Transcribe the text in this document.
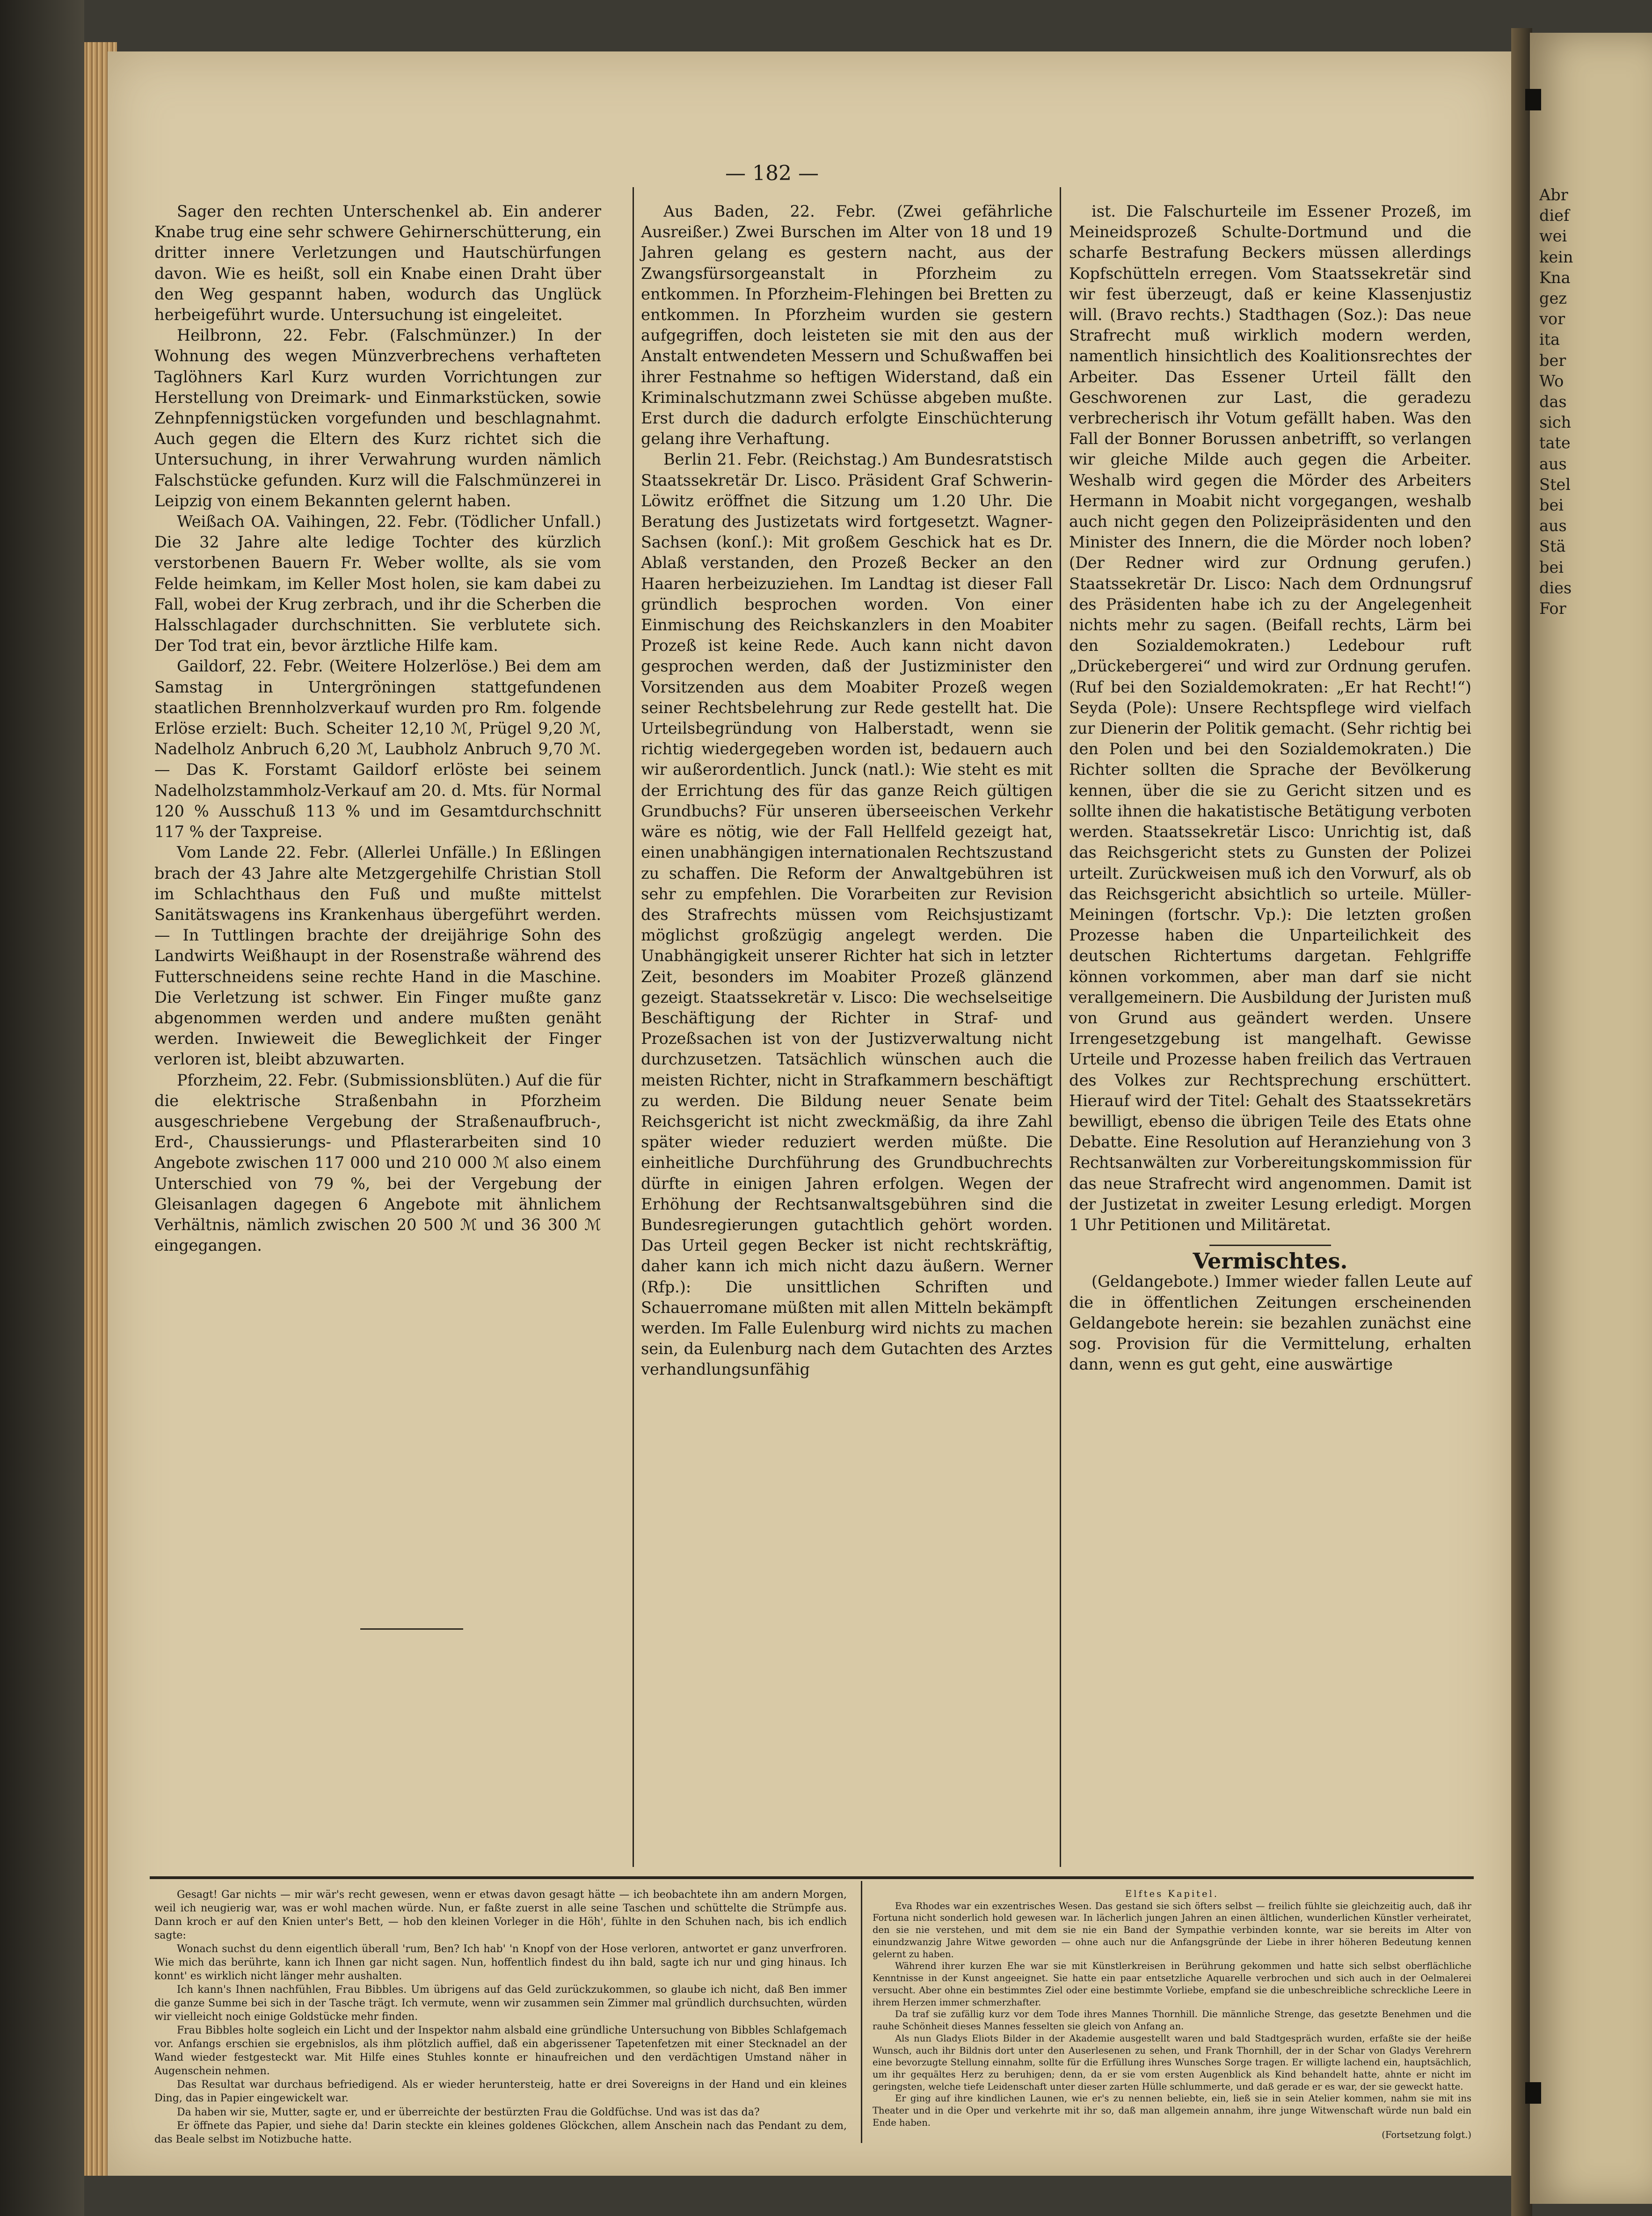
Abr
dief
wei
kein
Kna
gez
vor
ita
ber
Wo
das
sich
tate
aus
Stel
bei
aus
Stä
bei
dies
For
— 182 —

Sager den rechten Unterschenkel ab. Ein anderer Knabe trug eine sehr schwere Gehirnerschütterung, ein dritter innere Verletzungen und Hautschürfungen davon. Wie es heißt, soll ein Knabe einen Draht über den Weg gespannt haben, wodurch das Unglück herbeigeführt wurde. Untersuchung ist eingeleitet.

Heilbronn, 22. Febr. (Falschmünzer.) In der Wohnung des wegen Münzverbrechens verhafteten Taglöhners Karl Kurz wurden Vorrichtungen zur Herstellung von Dreimark- und Einmarkstücken, sowie Zehnpfennigstücken vorgefunden und beschlagnahmt. Auch gegen die Eltern des Kurz richtet sich die Untersuchung, in ihrer Verwahrung wurden nämlich Falschstücke gefunden. Kurz will die Falschmünzerei in Leipzig von einem Bekannten gelernt haben.

Weißach OA. Vaihingen, 22. Febr. (Tödlicher Unfall.) Die 32 Jahre alte ledige Tochter des kürzlich verstorbenen Bauern Fr. Weber wollte, als sie vom Felde heimkam, im Keller Most holen, sie kam dabei zu Fall, wobei der Krug zerbrach, und ihr die Scherben die Halsschlagader durchschnitten. Sie verblutete sich. Der Tod trat ein, bevor ärztliche Hilfe kam.

Gaildorf, 22. Febr. (Weitere Holzerlöse.) Bei dem am Samstag in Untergröningen stattgefundenen staatlichen Brennholzverkauf wurden pro Rm. folgende Erlöse erzielt: Buch. Scheiter 12,10 ℳ, Prügel 9,20 ℳ, Nadelholz Anbruch 6,20 ℳ, Laubholz Anbruch 9,70 ℳ. — Das K. Forstamt Gaildorf erlöste bei seinem Nadelholzstammholz-Verkauf am 20. d. Mts. für Normal 120 % Ausschuß 113 % und im Gesamtdurchschnitt 117 % der Taxpreise.

Vom Lande 22. Febr. (Allerlei Unfälle.) In Eßlingen brach der 43 Jahre alte Metzgergehilfe Christian Stoll im Schlachthaus den Fuß und mußte mittelst Sanitätswagens ins Krankenhaus übergeführt werden. — In Tuttlingen brachte der dreijährige Sohn des Landwirts Weißhaupt in der Rosenstraße während des Futterschneidens seine rechte Hand in die Maschine. Die Verletzung ist schwer. Ein Finger mußte ganz abgenommen werden und andere mußten genäht werden. Inwieweit die Beweglichkeit der Finger verloren ist, bleibt abzuwarten.

Pforzheim, 22. Febr. (Submissionsblüten.) Auf die für die elektrische Straßenbahn in Pforzheim ausgeschriebene Vergebung der Straßenaufbruch-, Erd-, Chaussierungs- und Pflasterarbeiten sind 10 Angebote zwischen 117 000 und 210 000 ℳ also einem Unterschied von 79 %, bei der Vergebung der Gleisanlagen dagegen 6 Angebote mit ähnlichem Verhältnis, nämlich zwischen 20 500 ℳ und 36 300 ℳ eingegangen.

Aus Baden, 22. Febr. (Zwei gefährliche Ausreißer.) Zwei Burschen im Alter von 18 und 19 Jahren gelang es gestern nacht, aus der Zwangsfürsorgeanstalt in Pforzheim zu entkommen. In Pforzheim-Flehingen bei Bretten zu entkommen. In Pforzheim wurden sie gestern aufgegriffen, doch leisteten sie mit den aus der Anstalt entwendeten Messern und Schußwaffen bei ihrer Festnahme so heftigen Widerstand, daß ein Kriminalschutzmann zwei Schüsse abgeben mußte. Erst durch die dadurch erfolgte Einschüchterung gelang ihre Verhaftung.

Berlin 21. Febr. (Reichstag.) Am Bundesratstisch Staatssekretär Dr. Lisco. Präsident Graf Schwerin-Löwitz eröffnet die Sitzung um 1.20 Uhr. Die Beratung des Justizetats wird fortgesetzt. Wagner-Sachsen (konſ.): Mit großem Geschick hat es Dr. Ablaß verstanden, den Prozeß Becker an den Haaren herbeizuziehen. Im Landtag ist dieser Fall gründlich besprochen worden. Von einer Einmischung des Reichskanzlers in den Moabiter Prozeß ist keine Rede. Auch kann nicht davon gesprochen werden, daß der Justizminister den Vorsitzenden aus dem Moabiter Prozeß wegen seiner Rechtsbelehrung zur Rede gestellt hat. Die Urteilsbegründung von Halberstadt, wenn sie richtig wiedergegeben worden ist, bedauern auch wir außerordentlich. Junck (natl.): Wie steht es mit der Errichtung des für das ganze Reich gültigen Grundbuchs? Für unseren überseeischen Verkehr wäre es nötig, wie der Fall Hellfeld gezeigt hat, einen unabhängigen internationalen Rechtszustand zu schaffen. Die Reform der Anwaltgebühren ist sehr zu empfehlen. Die Vorarbeiten zur Revision des Strafrechts müssen vom Reichsjustizamt möglichst großzügig angelegt werden. Die Unabhängigkeit unserer Richter hat sich in letzter Zeit, besonders im Moabiter Prozeß glänzend gezeigt. Staatssekretär v. Lisco: Die wechselseitige Beschäftigung der Richter in Straf- und Prozeßsachen ist von der Justizverwaltung nicht durchzusetzen. Tatsächlich wünschen auch die meisten Richter, nicht in Strafkammern beschäftigt zu werden. Die Bildung neuer Senate beim Reichsgericht ist nicht zweckmäßig, da ihre Zahl später wieder reduziert werden müßte. Die einheitliche Durchführung des Grundbuchrechts dürfte in einigen Jahren erfolgen. Wegen der Erhöhung der Rechtsanwaltsgebühren sind die Bundesregierungen gutachtlich gehört worden. Das Urteil gegen Becker ist nicht rechtskräftig, daher kann ich mich nicht dazu äußern. Werner (Rfp.): Die unsittlichen Schriften und Schauerromane müßten mit allen Mitteln bekämpft werden. Im Falle Eulenburg wird nichts zu machen sein, da Eulenburg nach dem Gutachten des Arztes verhandlungsunfähig

ist. Die Falschurteile im Essener Prozeß, im Meineidsprozeß Schulte-Dortmund und die scharfe Bestrafung Beckers müssen allerdings Kopfschütteln erregen. Vom Staatssekretär sind wir fest überzeugt, daß er keine Klassenjustiz will. (Bravo rechts.) Stadthagen (Soz.): Das neue Strafrecht muß wirklich modern werden, namentlich hinsichtlich des Koalitionsrechtes der Arbeiter. Das Essener Urteil fällt den Geschworenen zur Last, die geradezu verbrecherisch ihr Votum gefällt haben. Was den Fall der Bonner Borussen anbetrifft, so verlangen wir gleiche Milde auch gegen die Arbeiter. Weshalb wird gegen die Mörder des Arbeiters Hermann in Moabit nicht vorgegangen, weshalb auch nicht gegen den Polizeipräsidenten und den Minister des Innern, die die Mörder noch loben? (Der Redner wird zur Ordnung gerufen.) Staatssekretär Dr. Lisco: Nach dem Ordnungsruf des Präsidenten habe ich zu der Angelegenheit nichts mehr zu sagen. (Beifall rechts, Lärm bei den Sozialdemokraten.) Ledebour ruft „Drückebergerei“ und wird zur Ordnung gerufen. (Ruf bei den Sozialdemokraten: „Er hat Recht!“) Seyda (Pole): Unsere Rechtspflege wird vielfach zur Dienerin der Politik gemacht. (Sehr richtig bei den Polen und bei den Sozialdemokraten.) Die Richter sollten die Sprache der Bevölkerung kennen, über die sie zu Gericht sitzen und es sollte ihnen die hakatistische Betätigung verboten werden. Staatssekretär Lisco: Unrichtig ist, daß das Reichsgericht stets zu Gunsten der Polizei urteilt. Zurückweisen muß ich den Vorwurf, als ob das Reichsgericht absichtlich so urteile. Müller-Meiningen (fortschr. Vp.): Die letzten großen Prozesse haben die Unparteilichkeit des deutschen Richtertums dargetan. Fehlgriffe können vorkommen, aber man darf sie nicht verallgemeinern. Die Ausbildung der Juristen muß von Grund aus geändert werden. Unsere Irrengesetzgebung ist mangelhaft. Gewisse Urteile und Prozesse haben freilich das Vertrauen des Volkes zur Rechtsprechung erschüttert. Hierauf wird der Titel: Gehalt des Staatssekretärs bewilligt, ebenso die übrigen Teile des Etats ohne Debatte. Eine Resolution auf Heranziehung von 3 Rechtsanwälten zur Vorbereitungskommission für das neue Strafrecht wird angenommen. Damit ist der Justizetat in zweiter Lesung erledigt. Morgen 1 Uhr Petitionen und Militäretat.

Vermischtes.

(Geldangebote.) Immer wieder fallen Leute auf die in öffentlichen Zeitungen erscheinenden Geldangebote herein: sie bezahlen zunächst eine sog. Provision für die Vermittelung, erhalten dann, wenn es gut geht, eine auswärtige

Gesagt! Gar nichts — mir wär's recht gewesen, wenn er etwas davon gesagt hätte — ich beobachtete ihn am andern Morgen, weil ich neugierig war, was er wohl machen würde. Nun, er faßte zuerst in alle seine Taschen und schüttelte die Strümpfe aus. Dann kroch er auf den Knien unter's Bett, — hob den kleinen Vorleger in die Höh', fühlte in den Schuhen nach, bis ich endlich sagte:

Wonach suchst du denn eigentlich überall 'rum, Ben? Ich hab' 'n Knopf von der Hose verloren, antwortet er ganz unverfroren. Wie mich das berührte, kann ich Ihnen gar nicht sagen. Nun, hoffentlich findest du ihn bald, sagte ich nur und ging hinaus. Ich konnt' es wirklich nicht länger mehr aushalten.

Ich kann's Ihnen nachfühlen, Frau Bibbles. Um übrigens auf das Geld zurückzukommen, so glaube ich nicht, daß Ben immer die ganze Summe bei sich in der Tasche trägt. Ich vermute, wenn wir zusammen sein Zimmer mal gründlich durchsuchten, würden wir vielleicht noch einige Goldstücke mehr finden.

Frau Bibbles holte sogleich ein Licht und der Inspektor nahm alsbald eine gründliche Untersuchung von Bibbles Schlafgemach vor. Anfangs erschien sie ergebnislos, als ihm plötzlich auffiel, daß ein abgerissener Tapetenfetzen mit einer Stecknadel an der Wand wieder festgesteckt war. Mit Hilfe eines Stuhles konnte er hinaufreichen und den verdächtigen Umstand näher in Augenschein nehmen.

Das Resultat war durchaus befriedigend. Als er wieder heruntersteig, hatte er drei Sovereigns in der Hand und ein kleines Ding, das in Papier eingewickelt war.

Da haben wir sie, Mutter, sagte er, und er überreichte der bestürzten Frau die Goldfüchse. Und was ist das da?

Er öffnete das Papier, und siehe da! Darin steckte ein kleines goldenes Glöckchen, allem Anschein nach das Pendant zu dem, das Beale selbst im Notizbuche hatte.

Elftes Kapitel.

Eva Rhodes war ein exzentrisches Wesen. Das gestand sie sich öfters selbst — freilich fühlte sie gleichzeitig auch, daß ihr Fortuna nicht sonderlich hold gewesen war. In lächerlich jungen Jahren an einen ältlichen, wunderlichen Künstler verheiratet, den sie nie verstehen, und mit dem sie nie ein Band der Sympathie verbinden konnte, war sie bereits im Alter von einundzwanzig Jahre Witwe geworden — ohne auch nur die Anfangsgründe der Liebe in ihrer höheren Bedeutung kennen gelernt zu haben.

Während ihrer kurzen Ehe war sie mit Künstlerkreisen in Berührung gekommen und hatte sich selbst oberflächliche Kenntnisse in der Kunst angeeignet. Sie hatte ein paar entsetzliche Aquarelle verbrochen und sich auch in der Oelmalerei versucht. Aber ohne ein bestimmtes Ziel oder eine bestimmte Vorliebe, empfand sie die unbeschreibliche schreckliche Leere in ihrem Herzen immer schmerzhafter.

Da traf sie zufällig kurz vor dem Tode ihres Mannes Thornhill. Die männliche Strenge, das gesetzte Benehmen und die rauhe Schönheit dieses Mannes fesselten sie gleich von Anfang an.

Als nun Gladys Eliots Bilder in der Akademie ausgestellt waren und bald Stadtgespräch wurden, erfaßte sie der heiße Wunsch, auch ihr Bildnis dort unter den Auserlesenen zu sehen, und Frank Thornhill, der in der Schar von Gladys Verehrern eine bevorzugte Stellung einnahm, sollte für die Erfüllung ihres Wunsches Sorge tragen. Er willigte lachend ein, hauptsächlich, um ihr gequältes Herz zu beruhigen; denn, da er sie vom ersten Augenblick als Kind behandelt hatte, ahnte er nicht im geringsten, welche tiefe Leidenschaft unter dieser zarten Hülle schlummerte, und daß gerade er es war, der sie geweckt hatte.

Er ging auf ihre kindlichen Launen, wie er's zu nennen beliebte, ein, ließ sie in sein Atelier kommen, nahm sie mit ins Theater und in die Oper und verkehrte mit ihr so, daß man allgemein annahm, ihre junge Witwenschaft würde nun bald ein Ende haben.

(Fortsetzung folgt.)
